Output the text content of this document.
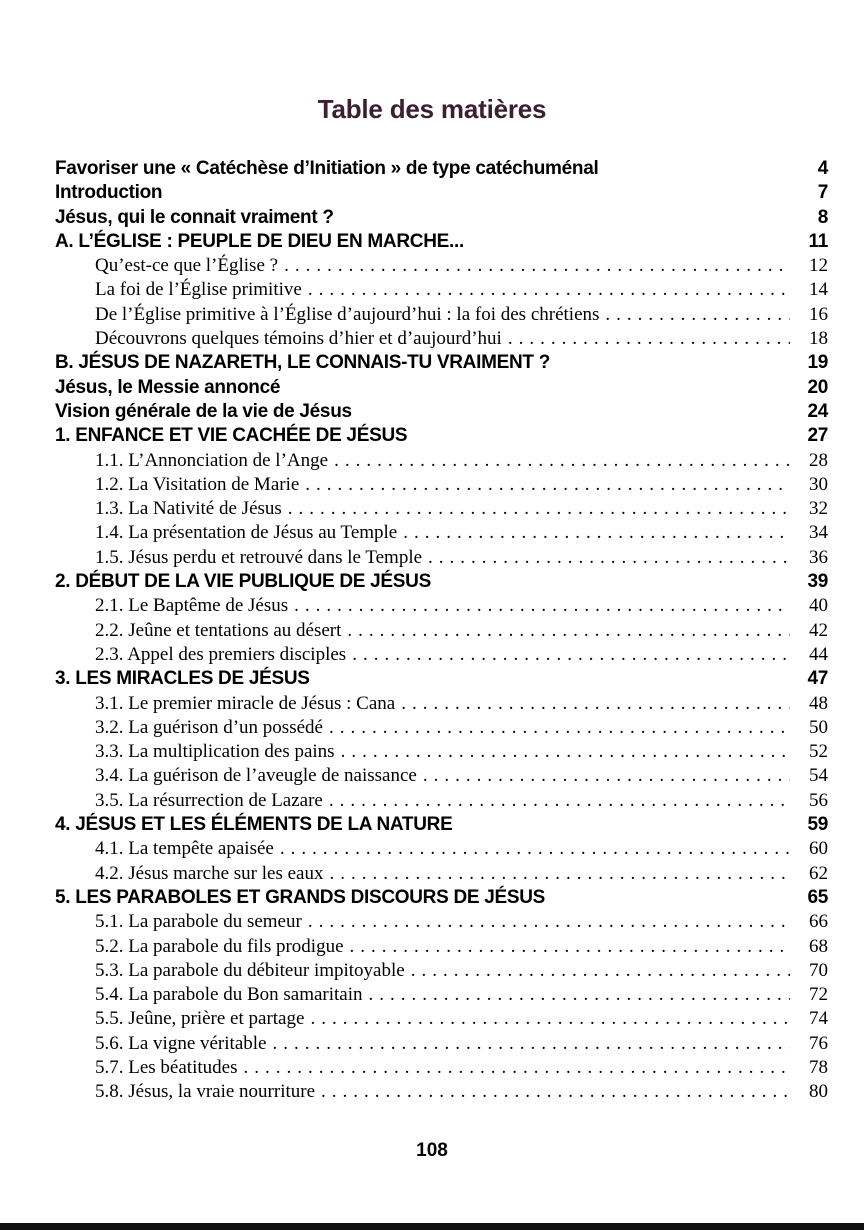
Table des matières
Favoriser une « Catéchèse d’Initiation » de type catéchuménal	4
Introduction	7
Jésus, qui le connait vraiment ?	8
A. L’ÉGLISE : PEUPLE DE DIEU EN MARCHE...	11
Qu’est-ce que l’Église ? .....	12
La foi de l’Église primitive .....	14
De l’Église primitive à l’Église d’aujourd’hui : la foi des chrétiens .....	16
Découvrons quelques témoins d’hier et d’aujourd’hui .....	18
B. JÉSUS DE NAZARETH, LE CONNAIS-TU VRAIMENT ?	19
Jésus, le Messie annoncé	20
Vision générale de la vie de Jésus	24
1. ENFANCE ET VIE CACHÉE DE JÉSUS	27
1.1. L’Annonciation de l’Ange .....	28
1.2. La Visitation de Marie .....	30
1.3. La Nativité de Jésus .....	32
1.4. La présentation de Jésus au Temple .....	34
1.5. Jésus perdu et retrouvé dans le Temple .....	36
2. DÉBUT DE LA VIE PUBLIQUE DE JÉSUS	39
2.1. Le Baptême de Jésus .....	40
2.2. Jeûne et tentations au désert .....	42
2.3. Appel des premiers disciples .....	44
3. LES MIRACLES DE JÉSUS	47
3.1. Le premier miracle de Jésus : Cana .....	48
3.2. La guérison d’un possédé .....	50
3.3. La multiplication des pains .....	52
3.4. La guérison de l’aveugle de naissance .....	54
3.5. La résurrection de Lazare .....	56
4. JÉSUS ET LES ÉLÉMENTS DE LA NATURE	59
4.1. La tempête apaisée .....	60
4.2. Jésus marche sur les eaux .....	62
5. LES PARABOLES ET GRANDS DISCOURS DE JÉSUS	65
5.1. La parabole du semeur .....	66
5.2. La parabole du fils prodigue .....	68
5.3. La parabole du débiteur impitoyable .....	70
5.4. La parabole du Bon samaritain .....	72
5.5. Jeûne, prière et partage .....	74
5.6. La vigne véritable .....	76
5.7. Les béatitudes .....	78
5.8. Jésus, la vraie nourriture .....	80
108
